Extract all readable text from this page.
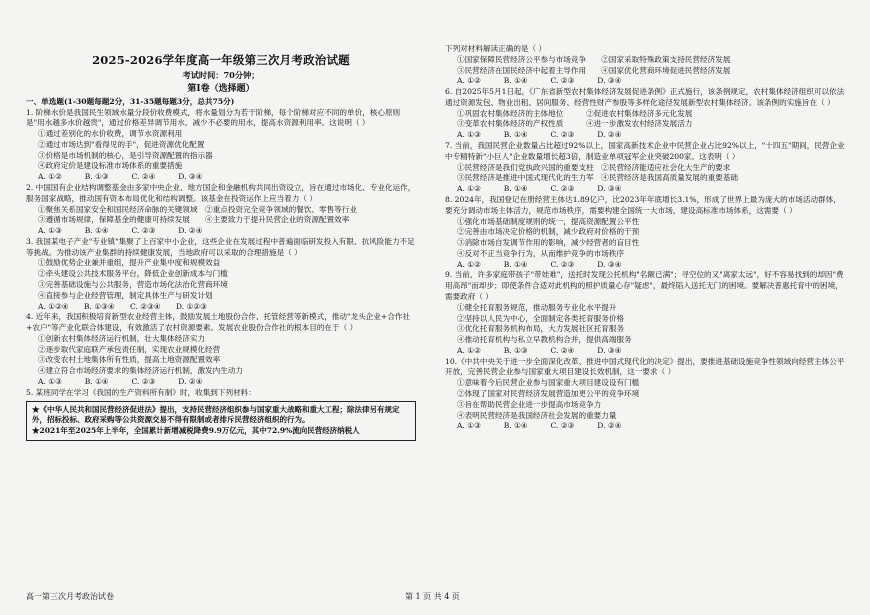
2025-2026学年度高一年级第三次月考政治试题
考试时间：70分钟；
第Ⅰ卷（选择题）
一、单选题(1-30题每题2分，31-35题每题3分，总共75分)

1. 阶梯水价是我国民生领域水量分段价收费模式，将水量划分为若干阶梯，每个阶梯对应不同的单价，核心原则是"用水越多水价越贵"，通过价格差异调节用水，减少不必要的用水，提高水资源利用率。这说明（ ）

①通过差别化的水价收费，调节水资源利用

②通过市场达到"看得见的手"，促进资源优化配置

③价格是市场机制的核心，是引导资源配置的指示器

④政府定价是建设标准市场体系的重要措施

A. ①②　　　B. ①③　　　C. ②④　　　D. ③④

2. 中国国有企业结构调整基金由多家中央企业、地方国企和金融机构共同出资设立，旨在通过市场化、专业化运作，服务国家战略，推动国有资本布局优化和结构调整。该基金在投资运作上应当着力（ ）

①聚焦关系国家安全和国民经济命脉的关键领域　②重点投资完全竞争领域的餐饮、零售等行业

③遵循市场规律，保障基金的健康可持续发展　　④主要致力于提升民营企业的资源配置效率

A. ①③　　　B. ①④　　　C. ②③　　　D. ②④

3. 我国某电子产业"专业镇"集聚了上百家中小企业，这些企业在发展过程中普遍面临研发投入有限、抗风险能力不足等挑战。为推动该产业集群的持续健康发展，当地政府可以采取的合理措施是（ ）

①鼓励优势企业兼并重组，提升产业集中度和规模效益

②牵头建设公共技术服务平台，降低企业创新成本与门槛

③完善基础设施与公共服务，营造市场化法治化营商环境

④直接参与企业经营管理，制定具体生产与研发计划

A. ①②④　　B. ①③④　　C. ②③④　　D. ①②③

4. 近年来，我国积极培育新型农业经营主体，鼓励发展土地股份合作、托管经营等新模式，推动"龙头企业+合作社+农户"等产业化联合体建设，有效激活了农村资源要素。发展农业股份合作社的根本目的在于（ ）

①创新农村集体经济运行机制，壮大集体经济实力

②逐步取代家庭联产承包责任制，实现农业规模化经营

③改变农村土地集体所有性质，提高土地资源配置效率

④建立符合市场经济要求的集体经济运行机制，激发内生动力

A. ①③　　　B. ①④　　　C. ②③　　　D. ②④

5. 某班同学在学习《我国的生产资料所有制》时，收集到下列材料：

★《中华人民共和国民营经济促进法》提出，支持民营经济组织参与国家重大战略和重大工程；除法律另有规定外，招标投标、政府采购等公共资源交易不得有限制或者排斥民营经济组织的行为。

★2021年至2025年上半年，全国累计新增减税降费9.9万亿元，其中72.9%流向民营经济纳税人

下列对材料解读正确的是（ ）

①国家保障民营经济公平参与市场竞争　　②国家采取特殊政策支持民营经济发展

③民营经济在国民经济中起着主导作用　　④国家优化营商环境促进民营经济发展

A. ①②　　　B. ①④　　　C. ②③　　　D. ③④

6. 自2025年5月1日起，《广东省新型农村集体经济发展促进条例》正式施行，该条例规定，农村集体经济组织可以依法通过资源发包、物业出租、居间服务、经营性财产参股等多样化途径发展新型农村集体经济。该条例的实施旨在（ ）

①巩固农村集体经济的主体地位　　　②促进农村集体经济多元化发展

③变革农村集体经济的产权性质　　　④进一步激发农村经济发展活力

A. ①③　　　B. ①④　　　C. ②③　　　D. ②④

7. 当前，我国民营企业数量占比超过92%以上，国家高新技术企业中民营企业占比92%以上，"十四五"期间，民营企业中专精特新"小巨人"企业数量增长超3倍，制造业单项冠军企业突破200家。这表明（ ）

①民营经济是我们党执政兴国的重要支柱　②民营经济能适应社会化大生产的要求

③民营经济是推进中国式现代化的生力军　④民营经济是我国高质量发展的重要基础

A. ①②　　　B. ①④　　　C. ②③　　　D. ③④

8. 2024年，我国登记在册经营主体达1.89亿户，比2023年年底增长3.1%，形成了世界上最为庞大的市场活动群体，要充分调动市场主体活力，规范市场秩序，需要构建全国统一大市场，建设高标准市场体系，这需要（ ）

①强化市场基础制度规则的统一，提高资源配置公平性

②完善由市场决定价格的机制，减少政府对价格的干预

③消除市场自发调节作用的影响，减少经营者的盲目性

④反对不正当竞争行为，从而维护竞争的市场秩序

A. ①②　　　B. ①④　　　C. ②③　　　D. ③④

9. 当前，许多家庭带孩子"带娃难"，送托时发现公托机构"名额已满"；寻空位的又"离家太远"，好不容易找到的却因"费用高昂"而却步；即使条件合适对此机构的照护质量心存"疑虑"，最终陷入送托无门的困境。要解决普惠托育中的困境，需要政府（ ）

①健全托育服务规范，推动服务专业化水平提升

②坚持以人民为中心，全面制定各类托育服务价格

③优化托育服务机构布局，大力发展社区托育服务

④推动托育机构与私立早教机构合并，提供高端服务

A. ①②　　　B. ①③　　　C. ②④　　　D. ③④

10.《中共中央关于进一步全面深化改革、推进中国式现代化的决定》提出，要推进基础设施竞争性领域向经营主体公平开放，完善民营企业参与国家重大项目建设长效机制，这一要求（ ）

①意味着今后民营企业参与国家重大项目建设设有门槛

②体现了国家对民营经济发展营造加更公平的竞争环境

③旨在帮助民营企业进一步提高市场竞争力

④表明民营经济是我国经济社会发展的重要力量

A. ①③　　　B. ①④　　　C. ②③　　　D. ②④

高一第三次月考政治试卷	第 1 页 共 4 页
